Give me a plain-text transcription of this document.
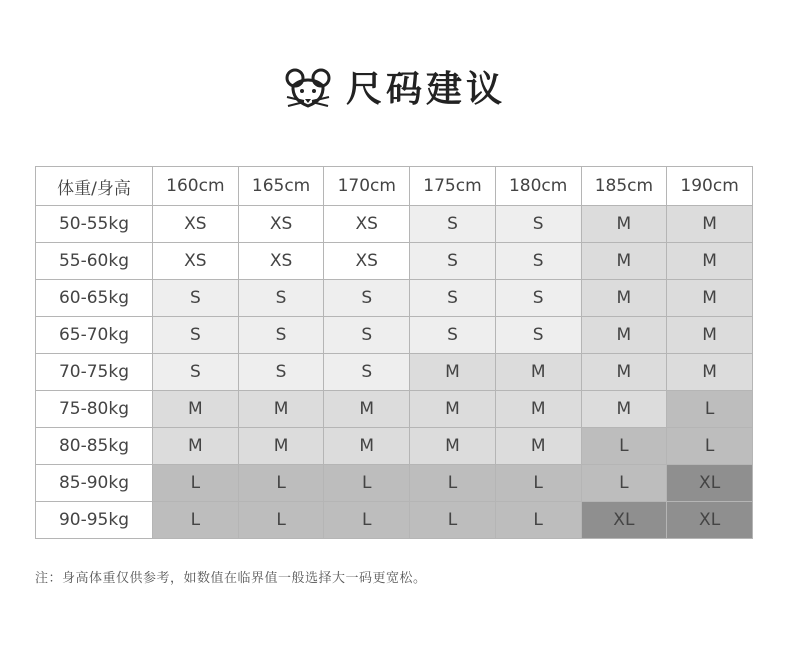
尺码建议
体重/身高	160cm	165cm	170cm	175cm	180cm	185cm	190cm
50-55kg	XS	XS	XS	S	S	M	M
55-60kg	XS	XS	XS	S	S	M	M
60-65kg	S	S	S	S	S	M	M
65-70kg	S	S	S	S	S	M	M
70-75kg	S	S	S	M	M	M	M
75-80kg	M	M	M	M	M	M	L
80-85kg	M	M	M	M	M	L	L
85-90kg	L	L	L	L	L	L	XL
90-95kg	L	L	L	L	L	XL	XL
注：身高体重仅供参考，如数值在临界值一般选择大一码更宽松。
